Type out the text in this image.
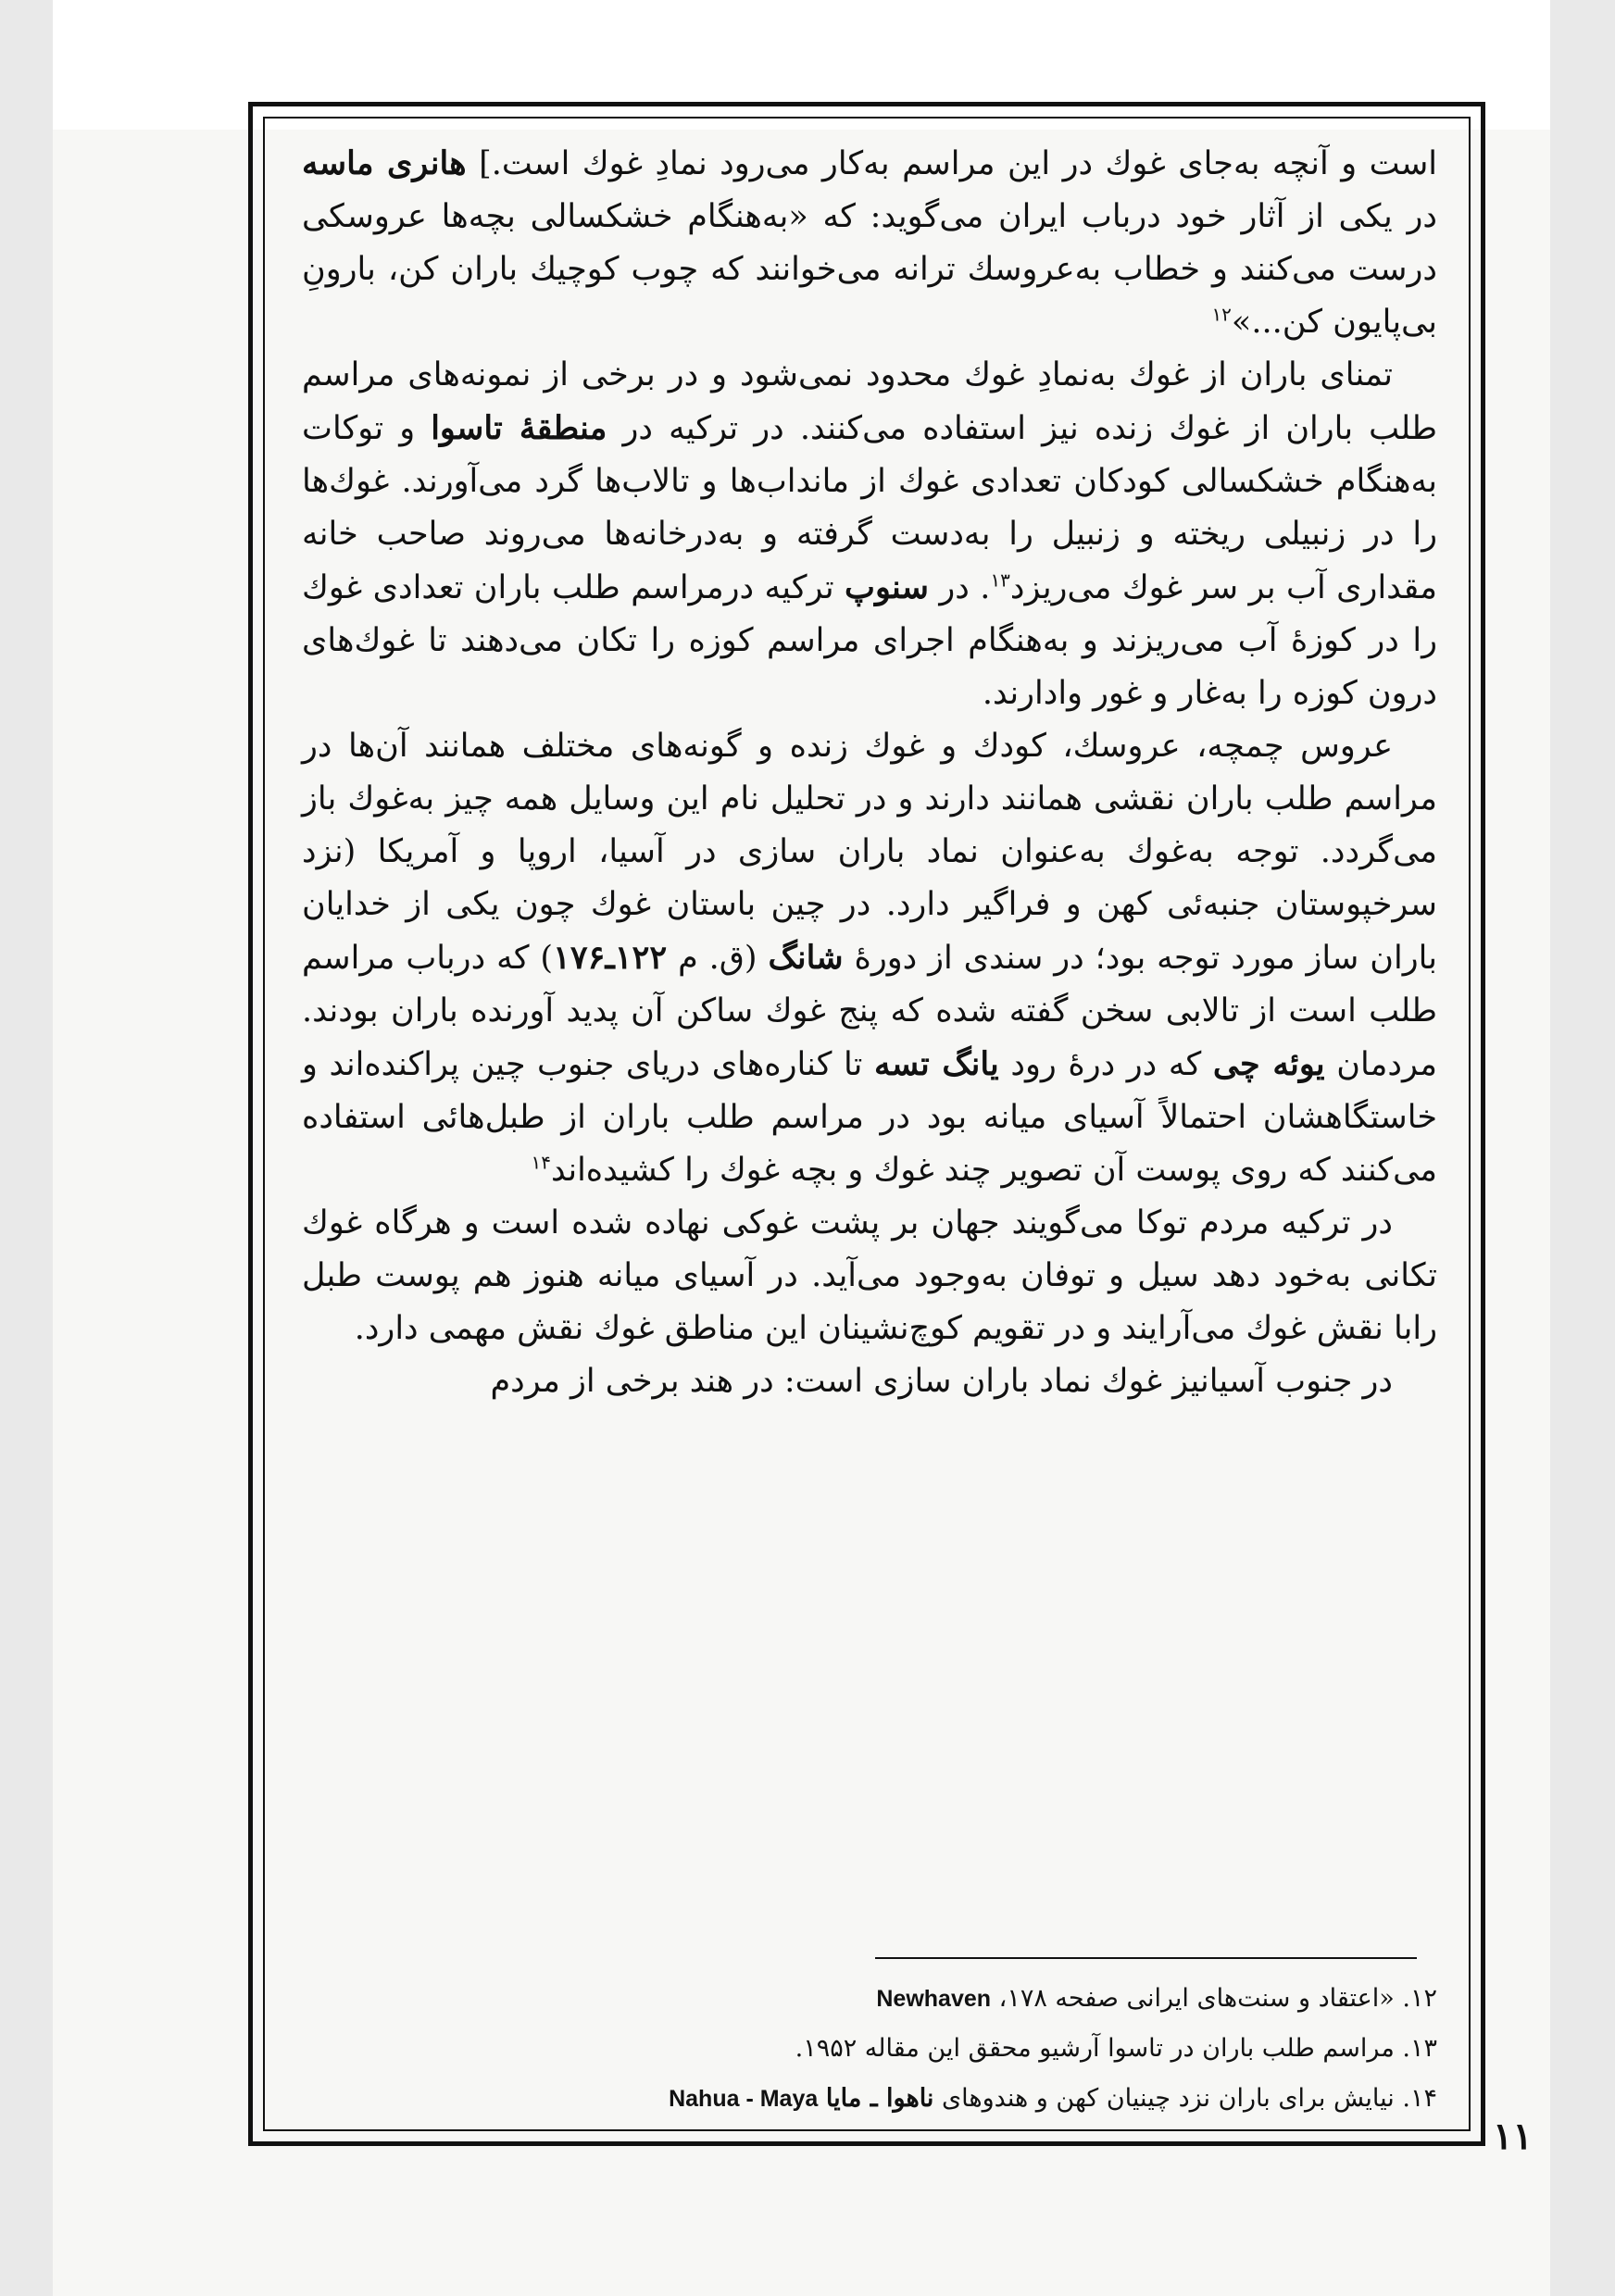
است و آنچه به‌جای غوك در این مراسم به‌کار می‌رود نمادِ غوك است.] هانری ماسه در یکی از آثار خود درباب ایران می‌گوید: که «به‌هنگام خشکسالی بچه‌ها عروسکی درست می‌کنند و خطاب به‌عروسك ترانه می‌خوانند که چوب کوچیك باران کن، بارونِ بی‌پایون کن...»$^{۱۲}$

تمنای باران از غوك به‌نمادِ غوك محدود نمی‌شود و در برخی از نمونه‌های مراسم طلب باران از غوك زنده نیز استفاده می‌کنند. در ترکیه در منطقهٔ تاسوا و توکات به‌هنگام خشکسالی کودکان تعدادی غوك از مانداب‌ها و تالاب‌ها گرد می‌آورند. غوك‌ها را در زنبیلی ریخته و زنبیل را به‌دست گرفته و به‌درخانه‌ها می‌روند صاحب خانه مقداری آب بر سر غوك می‌ریزد$^{۱۳}$. در سنوپ ترکیه درمراسم طلب باران تعدادی غوك را در کوزهٔ آب می‌ریزند و به‌هنگام اجرای مراسم کوزه را تکان می‌دهند تا غوك‌های درون کوزه را به‌غار و غور وادارند.

عروس چمچه، عروسك، کودك و غوك زنده و گونه‌های مختلف همانند آن‌ها در مراسم طلب باران نقشی همانند دارند و در تحلیل نام این وسایل همه چیز به‌غوك باز می‌گردد. توجه به‌غوك به‌عنوان نماد باران سازی در آسیا، اروپا و آمریکا (نزد سرخپوستان جنبه‌ئی کهن و فراگیر دارد. در چین باستان غوك چون یکی از خدایان باران ساز مورد توجه بود؛ در سندی از دورهٔ شانگ (ق. م ۱۲۲ـ۱۷۶) که درباب مراسم طلب است از تالابی سخن گفته شده که پنج غوك ساکن آن پدید آورنده باران بودند. مردمان یوئه چی که در درهٔ رود یانگ تسه تا کناره‌های دریای جنوب چین پراکنده‌اند و خاستگاهشان احتمالاً آسیای میانه بود در مراسم طلب باران از طبل‌هائی استفاده می‌کنند که روی پوست آن تصویر چند غوك و بچه غوك را کشیده‌اند$^{۱۴}$

در ترکیه مردم توکا می‌گویند جهان بر پشت غوکی نهاده شده است و هرگاه غوك تکانی به‌خود دهد سیل و توفان به‌وجود می‌آید. در آسیای میانه هنوز هم پوست طبل رابا نقش غوك می‌آرایند و در تقویم کوچ‌نشینان این مناطق غوك نقش مهمی دارد.

در جنوب آسیانیز غوك نماد باران سازی است: در هند برخی از مردم

۱۲. «اعتقاد و سنت‌های ایرانی صفحه ۱۷۸، Newhaven
۱۳. مراسم طلب باران در تاسوا آرشیو محقق این مقاله ۱۹۵۲.
۱۴. نیایش برای باران نزد چینیان کهن و هندوهای ناهوا ـ مایا Nahua - Maya
۱۱
